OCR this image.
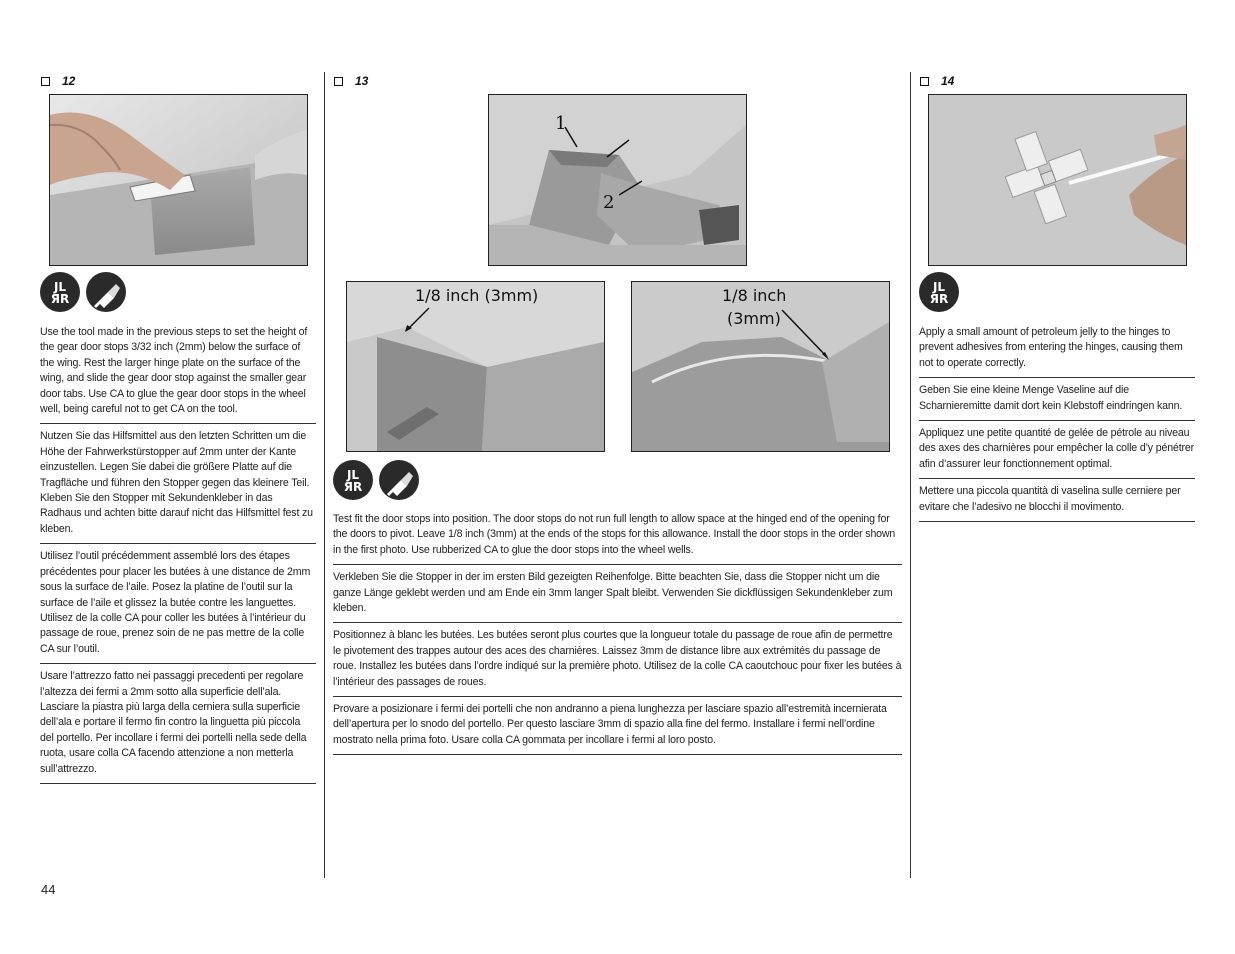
12
JL
ЯR

Use the tool made in the previous steps to set the height of the gear door stops 3/32 inch (2mm) below the surface of the wing. Rest the larger hinge plate on the surface of the wing, and slide the gear door stop against the smaller gear door tabs. Use CA to glue the gear door stops in the wheel well, being careful not to get CA on the tool.

Nutzen Sie das Hilfsmittel aus den letzten Schritten um die Höhe der Fahrwerkstürstopper auf 2mm unter der Kante einzustellen. Legen Sie dabei die größere Platte auf die Tragfläche und führen den Stopper gegen das kleinere Teil. Kleben Sie den Stopper mit Sekundenkleber in das Radhaus und achten bitte darauf nicht das Hilfsmittel fest zu kleben.

Utilisez l’outil précédemment assemblé lors des étapes précédentes pour placer les butées à une distance de 2mm sous la surface de l’aile. Posez la platine de l’outil sur la surface de l’aile et glissez la butée contre les languettes. Utilisez de la colle CA pour coller les butées à l’intérieur du passage de roue, prenez soin de ne pas mettre de la colle CA sur l’outil.

Usare l’attrezzo fatto nei passaggi precedenti per regolare l’altezza dei fermi a 2mm sotto alla superficie dell’ala. Lasciare la piastra più larga della cerniera sulla superficie dell’ala e portare il fermo fin contro la linguetta più piccola del portello. Per incollare i fermi dei portelli nella sede della ruota, usare colla CA facendo attenzione a non metterla sull’attrezzo.

13
1
2
1/8 inch (3mm)	1/8 inch
(3mm)
JL
ЯR

Test fit the door stops into position. The door stops do not run full length to allow space at the hinged end of the opening for the doors to pivot. Leave 1/8 inch (3mm) at the ends of the stops for this allowance. Install the door stops in the order shown in the first photo. Use rubberized CA to glue the door stops into the wheel wells.

Verkleben Sie die Stopper in der im ersten Bild gezeigten Reihenfolge. Bitte beachten Sie, dass die Stopper nicht um die ganze Länge geklebt werden und am Ende ein 3mm langer Spalt bleibt. Verwenden Sie dickflüssigen Sekundenkleber zum kleben.

Positionnez à blanc les butées. Les butées seront plus courtes que la longueur totale du passage de roue afin de permettre le pivotement des trappes autour des aces des charnières. Laissez 3mm de distance libre aux extrémités du passage de roue. Installez les butées dans l’ordre indiqué sur la première photo. Utilisez de la colle CA caoutchouc pour fixer les butées à l’intérieur des passages de roues.

Provare a posizionare i fermi dei portelli che non andranno a piena lunghezza per lasciare spazio all’estremità incernierata dell’apertura per lo snodo del portello. Per questo lasciare 3mm di spazio alla fine del fermo. Installare i fermi nell’ordine mostrato nella prima foto. Usare colla CA gommata per incollare i fermi al loro posto.

14
JL
ЯR

Apply a small amount of petroleum jelly to the hinges to prevent adhesives from entering the hinges, causing them not to operate correctly.

Geben Sie eine kleine Menge Vaseline auf die Scharnieremitte damit dort kein Klebstoff eindringen kann.

Appliquez une petite quantité de gelée de pétrole au niveau des axes des charnières pour empêcher la colle d’y pénétrer afin d’assurer leur fonctionnement optimal.

Mettere una piccola quantità di vaselina sulle cerniere per evitare che l’adesivo ne blocchi il movimento.

44
